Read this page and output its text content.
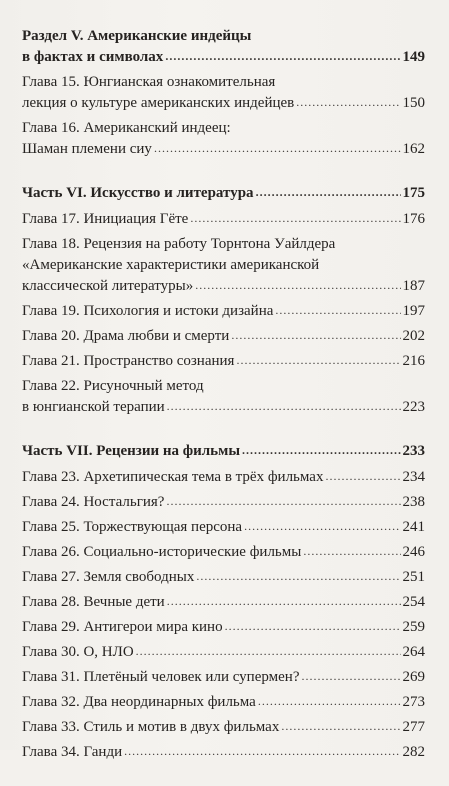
Раздел V. Американские индейцы
в фактах и символах .....	149
Глава 15. Юнгианская ознакомительная
лекция о культуре американских индейцев .....	150
Глава 16. Американский индеец:
Шаман племени сиу .....	162
Часть VI. Искусство и литература .....	175
Глава 17. Инициация Гёте .....	176
Глава 18. Рецензия на работу Торнтона Уайлдера
«Американские характеристики американской
классической литературы» .....	187
Глава 19. Психология и истоки дизайна .....	197
Глава 20. Драма любви и смерти .....	202
Глава 21. Пространство сознания .....	216
Глава 22. Рисуночный метод
в юнгианской терапии .....	223
Часть VII. Рецензии на фильмы .....	233
Глава 23. Архетипическая тема в трёх фильмах .....	234
Глава 24. Ностальгия? .....	238
Глава 25. Торжествующая персона .....	241
Глава 26. Социально-исторические фильмы .....	246
Глава 27. Земля свободных .....	251
Глава 28. Вечные дети .....	254
Глава 29. Антигерои мира кино .....	259
Глава 30. О, НЛО .....	264
Глава 31. Плетёный человек или супермен? .....	269
Глава 32. Два неординарных фильма .....	273
Глава 33. Стиль и мотив в двух фильмах .....	277
Глава 34. Ганди .....	282
